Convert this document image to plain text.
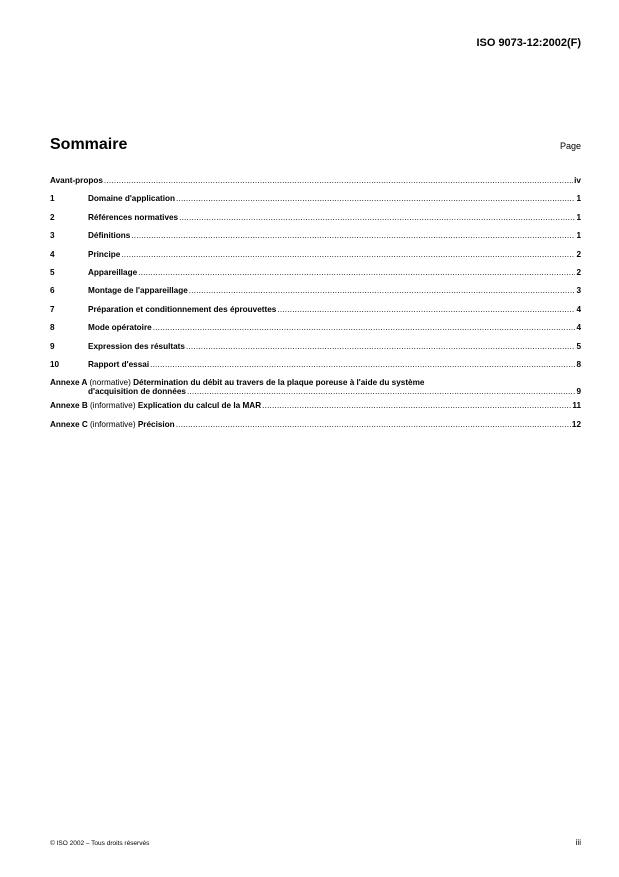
ISO 9073-12:2002(F)
Sommaire	Page
Avant-propos .....	iv
1	Domaine d'application .....	1
2	Références normatives .....	1
3	Définitions .....	1
4	Principe .....	2
5	Appareillage .....	2
6	Montage de l'appareillage .....	3
7	Préparation et conditionnement des éprouvettes .....	4
8	Mode opératoire .....	4
9	Expression des résultats .....	5
10	Rapport d'essai .....	8
Annexe A (normative) Détermination du débit au travers de la plaque poreuse à l'aide du système
d'acquisition de données .....	9
Annexe B (informative) Explication du calcul de la MAR .....	11
Annexe C (informative) Précision .....	12
© ISO 2002 – Tous droits réservés	iii
